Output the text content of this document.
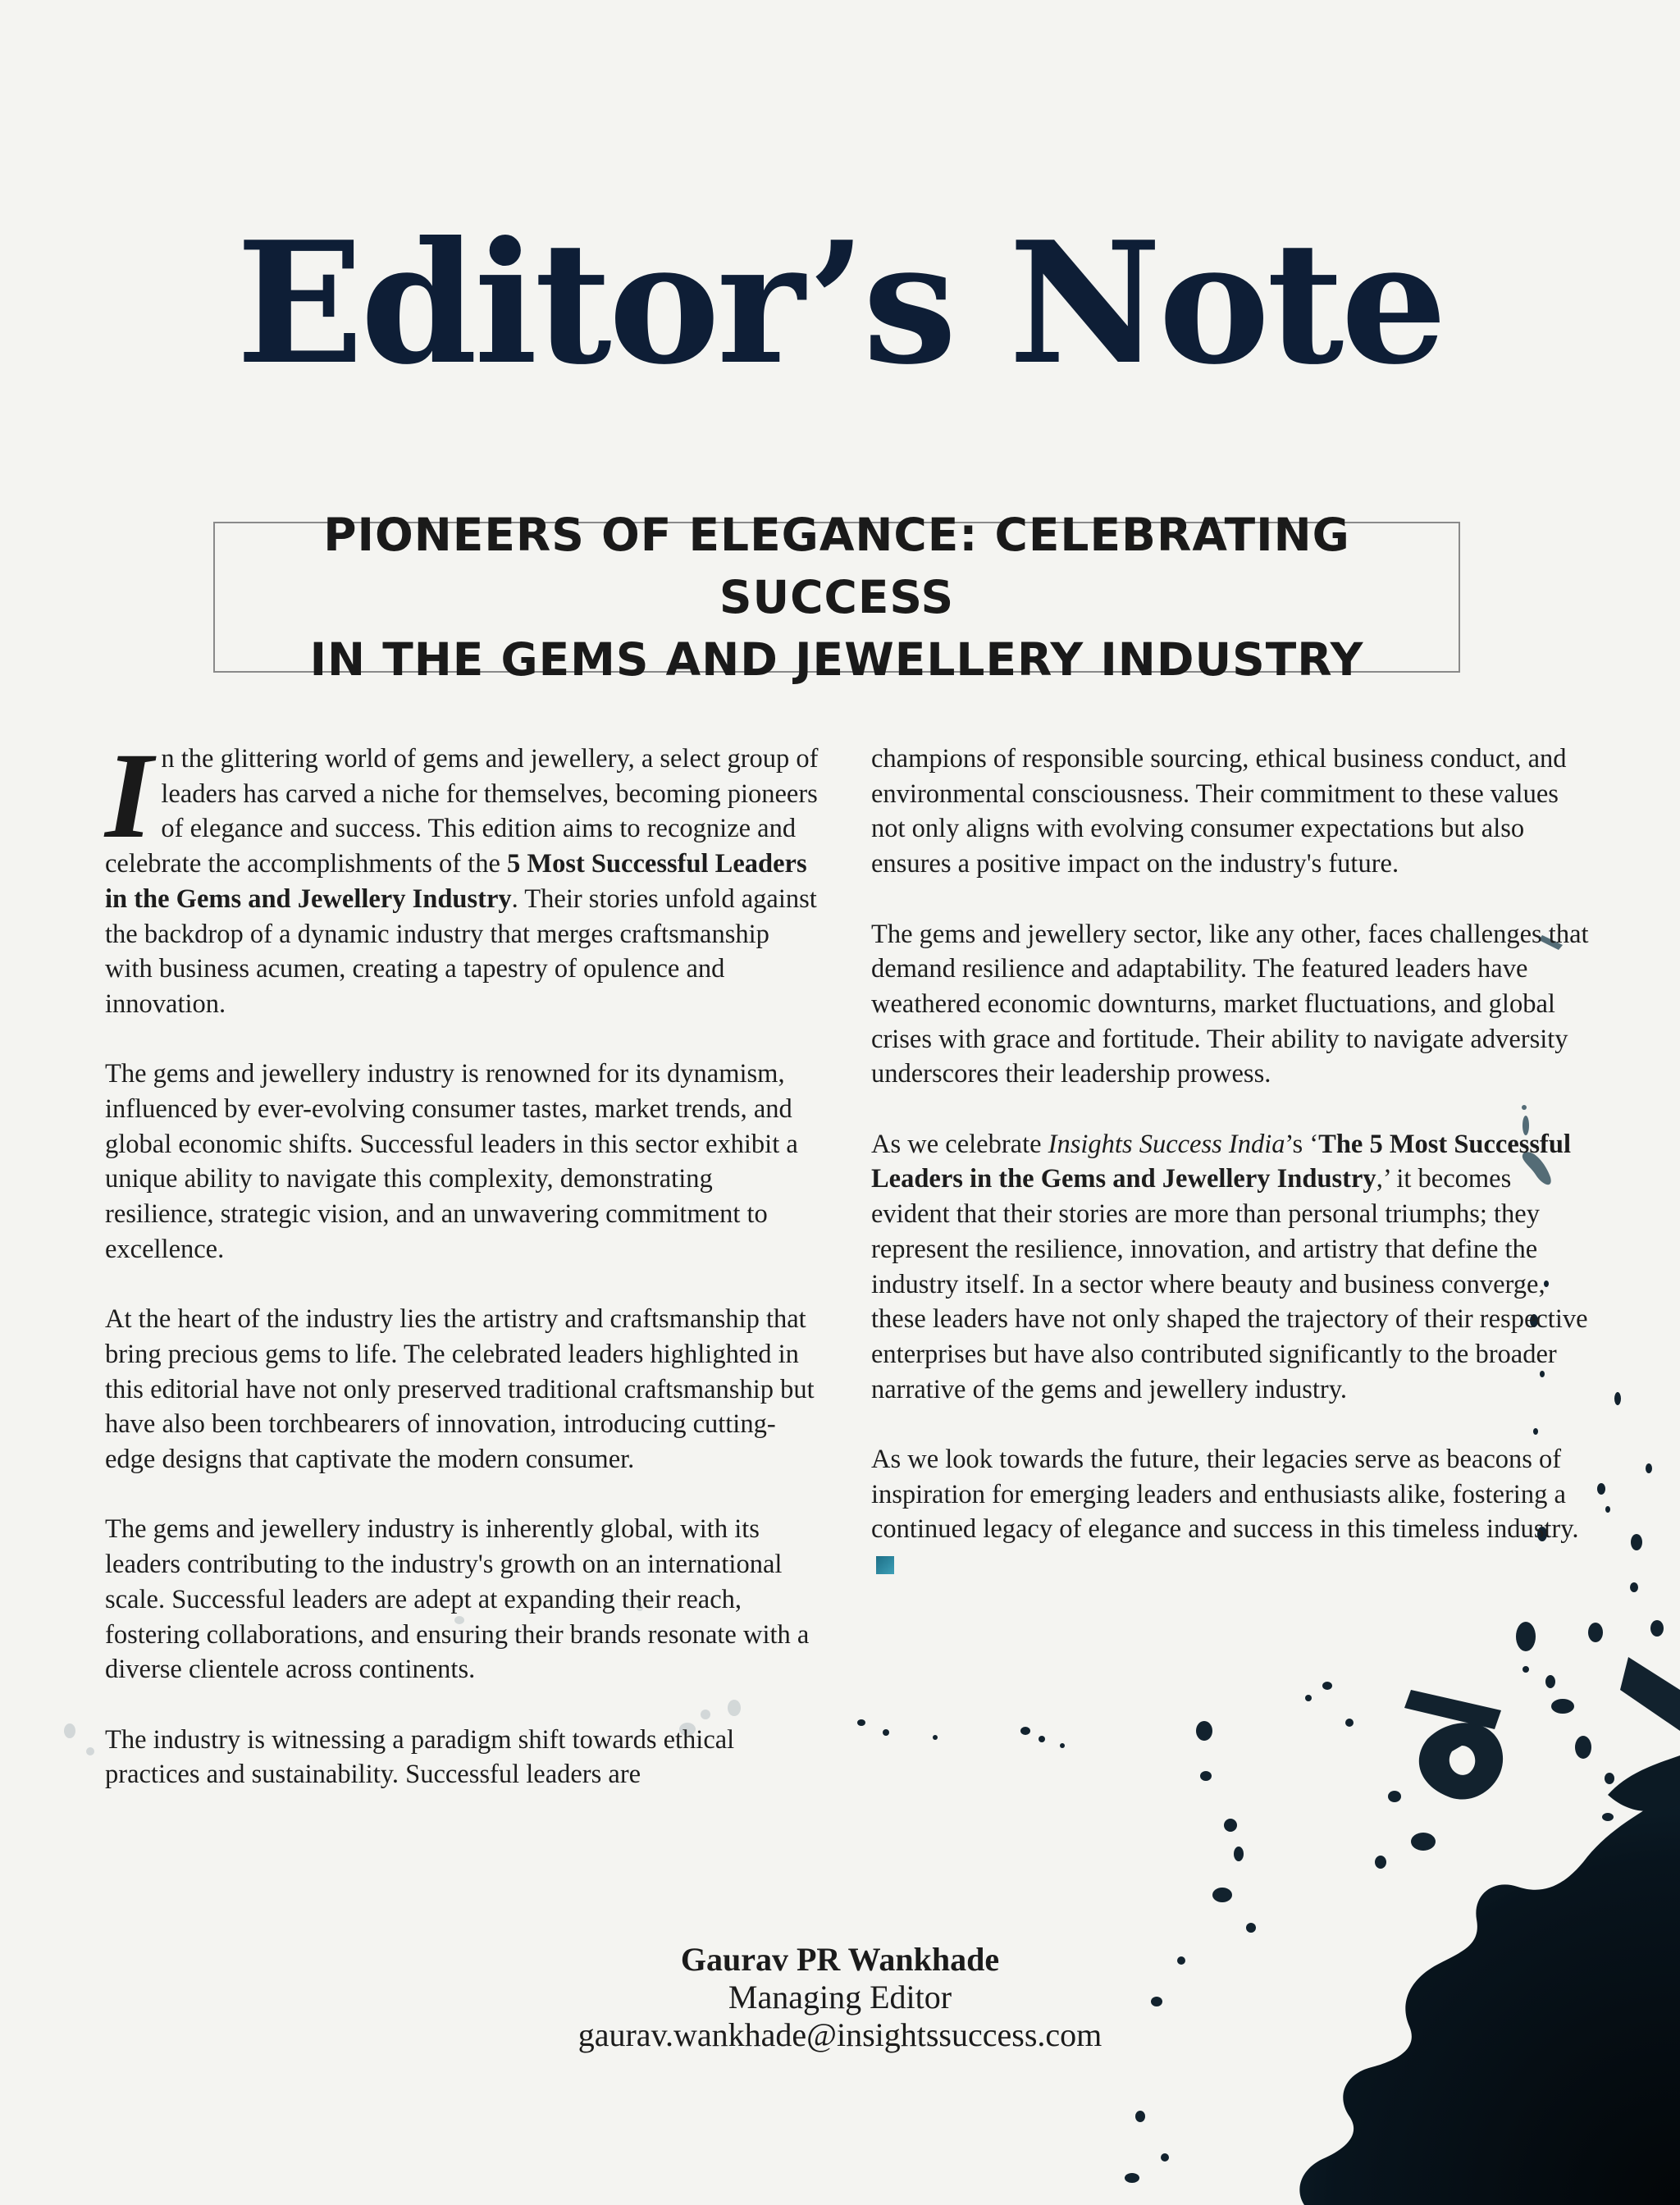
Editor’s Note
PIONEERS OF ELEGANCE: CELEBRATING SUCCESS
IN THE GEMS AND JEWELLERY INDUSTRY

In the glittering world of gems and jewellery, a select group of leaders has carved a niche for themselves, becoming pioneers of elegance and success. This edition aims to recognize and celebrate the accomplishments of the 5 Most Successful Leaders in the Gems and Jewellery Industry. Their stories unfold against the backdrop of a dynamic industry that merges craftsmanship with business acumen, creating a tapestry of opulence and innovation.

The gems and jewellery industry is renowned for its dynamism, influenced by ever-evolving consumer tastes, market trends, and global economic shifts. Successful leaders in this sector exhibit a unique ability to navigate this complexity, demonstrating resilience, strategic vision, and an unwavering commitment to excellence.

At the heart of the industry lies the artistry and craftsmanship that bring precious gems to life. The celebrated leaders highlighted in this editorial have not only preserved traditional craftsmanship but have also been torchbearers of innovation, introducing cutting-edge designs that captivate the modern consumer.

The gems and jewellery industry is inherently global, with its leaders contributing to the industry's growth on an international scale. Successful leaders are adept at expanding their reach, fostering collaborations, and ensuring their brands resonate with a diverse clientele across continents.

The industry is witnessing a paradigm shift towards ethical practices and sustainability. Successful leaders are

champions of responsible sourcing, ethical business conduct, and environmental consciousness. Their commitment to these values not only aligns with evolving consumer expectations but also ensures a positive impact on the industry's future.

The gems and jewellery sector, like any other, faces challenges that demand resilience and adaptability. The featured leaders have weathered economic downturns, market fluctuations, and global crises with grace and fortitude. Their ability to navigate adversity underscores their leadership prowess.

As we celebrate Insights Success India’s ‘The 5 Most Successful Leaders in the Gems and Jewellery Industry,’ it becomes evident that their stories are more than personal triumphs; they represent the resilience, innovation, and artistry that define the industry itself. In a sector where beauty and business converge, these leaders have not only shaped the trajectory of their respective enterprises but have also contributed significantly to the broader narrative of the gems and jewellery industry.

As we look towards the future, their legacies serve as beacons of inspiration for emerging leaders and enthusiasts alike, fostering a continued legacy of elegance and success in this timeless industry.

Gaurav PR Wankhade
Managing Editor
gaurav.wankhade@insightssuccess.com
